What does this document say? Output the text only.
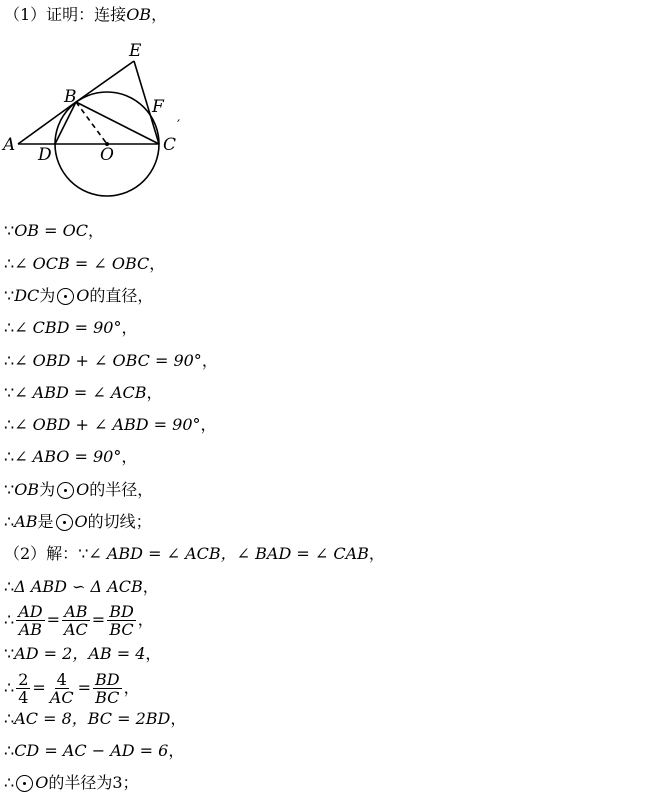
（1）证明：连接 OB ，
A
B
C
D
E
F
O
′
∵ OB = OC ，
∴ ∠ OCB = ∠ OBC ，
∵ DC 为 O 的直径，
∴ ∠ CBD = 90° ，
∴ ∠ OBD + ∠ OBC = 90° ，
∵ ∠ ABD = ∠ ACB ，
∴ ∠ OBD + ∠ ABD = 90° ，
∴ ∠ ABO = 90° ，
∵ OB 为 O 的半径，
∴ AB 是 O 的切线；
（2）解： ∵ ∠ ABD = ∠ ACB，∠ BAD = ∠ CAB ，
∴ Δ ABD ∽ Δ ACB ，
∴ $\frac{AD}{AB} = \frac{AB}{AC} = \frac{BD}{BC}$ ，
∵ AD = 2，AB = 4 ，
∴ $\frac{2}{4} = \frac{4}{AC} = \frac{BD}{BC}$ ，
∴ AC = 8，BC = 2BD ，
∴ CD = AC − AD = 6 ，
∴ O 的半径为3；
